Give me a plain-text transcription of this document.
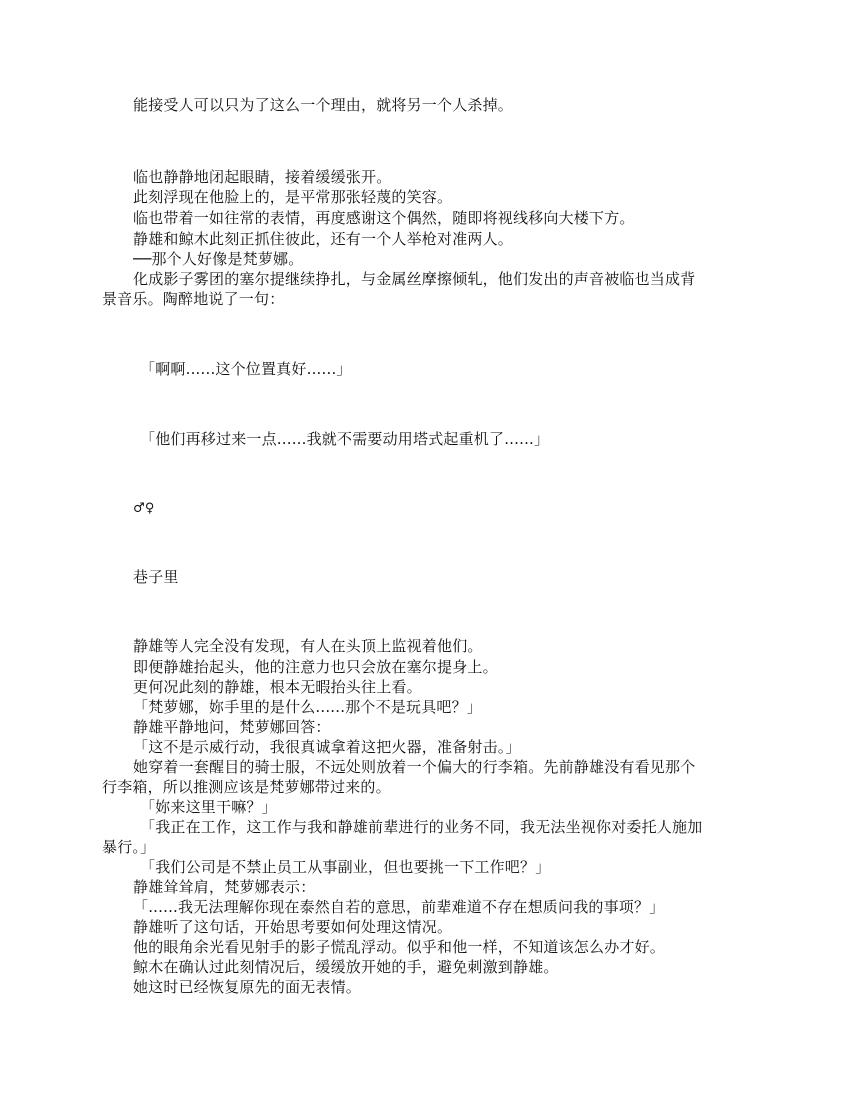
能接受人可以只为了这么一个理由，就将另一个人杀掉。
临也静静地闭起眼睛，接着缓缓张开。
此刻浮现在他脸上的，是平常那张轻蔑的笑容。
临也带着一如往常的表情，再度感谢这个偶然，随即将视线移向大楼下方。
静雄和鲸木此刻正抓住彼此，还有一个人举枪对准两人。
──那个人好像是梵萝娜。
化成影子雾团的塞尔提继续挣扎，与金属丝摩擦倾轧，他们发出的声音被临也当成背
景音乐。陶醉地说了一句：
「啊啊......这个位置真好......」
「他们再移过来一点......我就不需要动用塔式起重机了......」
♂♀
巷子里
静雄等人完全没有发现，有人在头顶上监视着他们。
即便静雄抬起头，他的注意力也只会放在塞尔提身上。
更何况此刻的静雄，根本无暇抬头往上看。
「梵萝娜，妳手里的是什么......那个不是玩具吧？」
静雄平静地问，梵萝娜回答：
「这不是示威行动，我很真诚拿着这把火器，准备射击。」
她穿着一套醒目的骑士服，不远处则放着一个偏大的行李箱。先前静雄没有看见那个
行李箱，所以推测应该是梵萝娜带过来的。
「妳来这里干嘛？」
「我正在工作，这工作与我和静雄前辈进行的业务不同，我无法坐视你对委托人施加
暴行。」
「我们公司是不禁止员工从事副业，但也要挑一下工作吧？」
静雄耸耸肩，梵萝娜表示：
「......我无法理解你现在泰然自若的意思，前辈难道不存在想质问我的事项？」
静雄听了这句话，开始思考要如何处理这情况。
他的眼角余光看见射手的影子慌乱浮动。似乎和他一样，不知道该怎么办才好。
鲸木在确认过此刻情况后，缓缓放开她的手，避免刺激到静雄。
她这时已经恢复原先的面无表情。
